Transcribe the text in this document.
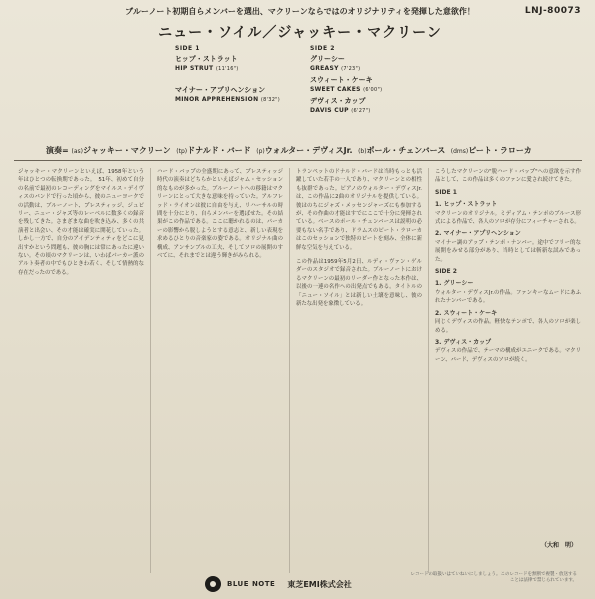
LNJ-80073
ブルーノート初期自らメンバーを選出、マクリーンならではのオリジナリティを発揮した意欲作！
ニュー・ソイル／ジャッキー・マクリーン
SIDE 1	SIDE 2
ヒップ・ストラット
HIP STRUT (11'16")
マイナー・アプリヘンション
MINOR APPREHENSION (8'32")
グリーシー
GREASY (7'23")
スウィート・ケーキ
SWEET CAKES (6'00")
デヴィス・カップ
DAVIS CUP (6'27")
演奏= (as)ジャッキー・マクリーン (tp)ドナルド・バード (p)ウォルター・デヴィスJr. (b)ポール・チェンバース (dms)ピート・ラローカ
ジャッキー・マクリーンといえば、1958年という年はひとつの転換期であった。　51年、初めて自分の名前で最初のレコーディングをマイルス・デイヴィスのバンドで行った頃から、彼のニューヨークでの活動は、ブルーノート、プレスティッジ、ジュビリー、ニュー・ジャズ等のレーベルに数多くの録音を残してきた。さまざまな曲を吹き込み、多くの共演者と出会い、その才能は確実に開花していった。しかし一方で、自分のアイデンティティをどこに見出すかという問題も、彼の胸には常にあったに違いない。その頃のマクリーンは、いわばパーカー派のアルト奏者の中でもひときわ若く、そして情熱的な存在だったのである。
ハード・バップの全盛期にあって、プレスティッジ時代の演奏はどちらかといえばジャム・セッション的なものが多かった。ブルーノートへの移籍はマクリーンにとって大きな意味を持っていた。アルフレッド・ライオンは彼に自由を与え、リハーサルの時間を十分にとり、自らメンバーを選ばせた。その結果がこの作品である。ここに聴かれるのは、パーカーの影響から脱しようとする意志と、新しい表現を求めるひとりの音楽家の姿である。オリジナル曲の構成、アンサンブルの工夫、そしてソロの展開のすべてに、それまでとは違う輝きがみられる。
トランペットのドナルド・バードは当時もっとも活躍していた若手の一人であり、マクリーンとの相性も抜群であった。ピアノのウォルター・デヴィスJr.は、この作品に2曲のオリジナルを提供している。彼はのちにジャズ・メッセンジャーズにも参加するが、その作曲の才能はすでにここで十分に発揮されている。ベースのポール・チェンバースは説明の必要もない名手であり、ドラムスのピート・ラローカはこのセッションで独特のビートを刻み、全体に新鮮な空気を与えている。
この作品は1959年5月2日、ルディ・ヴァン・ゲルダーのスタジオで録音された。ブルーノートにおけるマクリーンの最初のリーダー作となった本作は、以後の一連の名作への出発点でもある。タイトルの「ニュー・ソイル」とは新しい土壌を意味し、彼の新たな出発を象徴している。
こうしたマクリーンの"脱ハード・バップ"への意欲を示す作品として、この作品は多くのファンに愛され続けてきた。
SIDE 1
1. ヒップ・ストラット
マクリーンのオリジナル。ミディアム・テンポのブルース形式による作品で、各人のソロが存分にフィーチャーされる。
2. マイナー・アプリヘンション
マイナー調のアップ・テンポ・ナンバー。途中でフリー的な展開をみせる部分があり、当時としては斬新な試みであった。
SIDE 2
1. グリーシー
ウォルター・デヴィスJr.の作品。ファンキーなムードにあふれたナンバーである。
2. スウィート・ケーキ
同じくデヴィスの作品。軽快なテンポで、各人のソロが楽しめる。
3. デヴィス・カップ
デヴィスの作品で、テーマの構成がユニークである。マクリーン、バード、デヴィスのソロが続く。
（大和　明）
レコードの取扱いはていねいにしましょう。このレコードを無断で複製・放送することは法律で禁じられています。
BLUE NOTE 東芝EMI株式会社
